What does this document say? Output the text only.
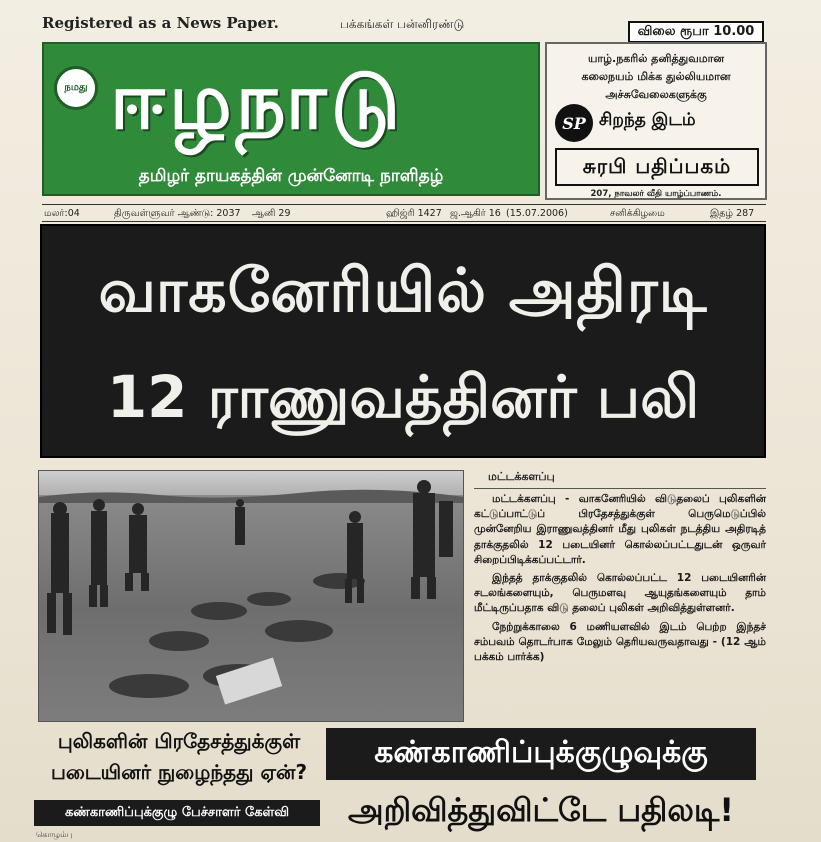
Registered as a News Paper.	பக்கங்கள் பன்னிரண்டு	விலை ரூபா 10.00
நமது ஈழநாடு
தமிழர் தாயகத்தின் முன்னோடி நாளிதழ்
யாழ்.நகரில் தனித்துவமான
கலைநயம் மிக்க துல்லியமான
அச்சுவேலைகளுக்கு
SP சிறந்த இடம்
சுரபி பதிப்பகம்
207, நாவலர் வீதி யாழ்ப்பாணம்.
மலர்:04	திருவள்ளுவர் ஆண்டு: 2037 ஆனி 29	ஹிஜ்ரி 1427 ஜ.ஆகிர் 16 (15.07.2006)	சனிக்கிழமை	இதழ் 287
வாகனேரியில் அதிரடி
12 ராணுவத்தினர் பலி
மட்டக்களப்பு

மட்டக்களப்பு - வாகனேரியில் விடுதலைப் புலிகளின் கட்டுப்பாட்டுப் பிரதேசத்துக்குள் பெருமெடுப்பில் முன்னேறிய இராணுவத்தினர் மீது புலிகள் நடத்திய அதிரடித் தாக்குதலில் 12 படையினர் கொல்லப்பட்டதுடன் ஒருவர் சிறைப்பிடிக்கப்பட்டார்.

இந்தத் தாக்குதலில் கொல்லப்பட்ட 12 படையினரின் சடலங்களையும், பெருமளவு ஆயுதங்களையும் தாம் மீட்டிருப்பதாக விடு தலைப் புலிகள் அறிவித்துள்ளனர்.

நேற்றுக்காலை 6 மணியளவில் இடம் பெற்ற இந்தச் சம்பவம் தொடர்பாக மேலும் தெரியவருவதாவது - (12 ஆம் பக்கம் பார்க்க)

புலிகளின் பிரதேசத்துக்குள் படையினர் நுழைந்தது ஏன்?
கண்காணிப்புக்குழு பேச்சாளர் கேள்வி
கொழும்பு
கண்காணிப்புக்குழுவுக்கு
அறிவித்துவிட்டே பதிலடி!
